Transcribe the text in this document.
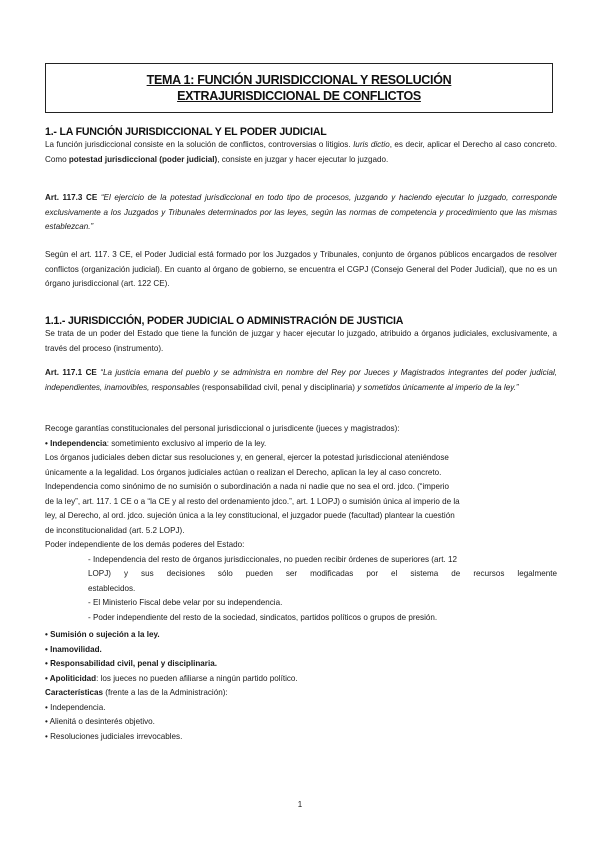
TEMA 1: FUNCIÓN JURISDICCIONAL Y RESOLUCIÓN
EXTRAJURISDICCIONAL DE CONFLICTOS
1.- LA FUNCIÓN JURISDICCIONAL Y EL PODER JUDICIAL
La función jurisdiccional consiste en la solución de conflictos, controversias o litigios. Iuris dictio, es decir, aplicar el Derecho al caso concreto. Como potestad jurisdiccional (poder judicial), consiste en juzgar y hacer ejecutar lo juzgado.
Art. 117.3 CE “El ejercicio de la potestad jurisdiccional en todo tipo de procesos, juzgando y haciendo ejecutar lo juzgado, corresponde exclusivamente a los Juzgados y Tribunales determinados por las leyes, según las normas de competencia y procedimiento que las mismas establezcan.”
Según el art. 117. 3 CE, el Poder Judicial está formado por los Juzgados y Tribunales, conjunto de órganos públicos encargados de resolver conflictos (organización judicial). En cuanto al órgano de gobierno, se encuentra el CGPJ (Consejo General del Poder Judicial), que no es un órgano jurisdiccional (art. 122 CE).
1.1.- JURISDICCIÓN, PODER JUDICIAL O ADMINISTRACIÓN DE JUSTICIA
Se trata de un poder del Estado que tiene la función de juzgar y hacer ejecutar lo juzgado, atribuido a órganos judiciales, exclusivamente, a través del proceso (instrumento).
Art. 117.1 CE “La justicia emana del pueblo y se administra en nombre del Rey por Jueces y Magistrados integrantes del poder judicial, independientes, inamovibles, responsables (responsabilidad civil, penal y disciplinaria) y sometidos únicamente al imperio de la ley.”
Recoge garantías constitucionales del personal jurisdiccional o jurisdicente (jueces y magistrados):
• Independencia: sometimiento exclusivo al imperio de la ley.
Los órganos judiciales deben dictar sus resoluciones y, en general, ejercer la potestad jurisdiccional ateniéndose
únicamente a la legalidad. Los órganos judiciales actúan o realizan el Derecho, aplican la ley al caso concreto.
Independencia como sinónimo de no sumisión o subordinación a nada ni nadie que no sea el ord. jdco. (“imperio
de la ley”, art. 117. 1 CE o a “la CE y al resto del ordenamiento jdco.”, art. 1 LOPJ) o sumisión única al imperio de la
ley, al Derecho, al ord. jdco. sujeción única a la ley constitucional, el juzgador puede (facultad) plantear la cuestión
de inconstitucionalidad (art. 5.2 LOPJ).
Poder independiente de los demás poderes del Estado:
- Independencia del resto de órganos jurisdiccionales, no pueden recibir órdenes de superiores (art. 12
LOPJ) y sus decisiones sólo pueden ser modificadas por el sistema de recursos legalmente
establecidos.
- El Ministerio Fiscal debe velar por su independencia.
- Poder independiente del resto de la sociedad, sindicatos, partidos políticos o grupos de presión.
• Sumisión o sujeción a la ley.
• Inamovilidad.
• Responsabilidad civil, penal y disciplinaria.
• Apoliticidad: los jueces no pueden afiliarse a ningún partido político.
Características (frente a las de la Administración):
• Independencia.
• Alienitá o desinterés objetivo.
• Resoluciones judiciales irrevocables.
1
